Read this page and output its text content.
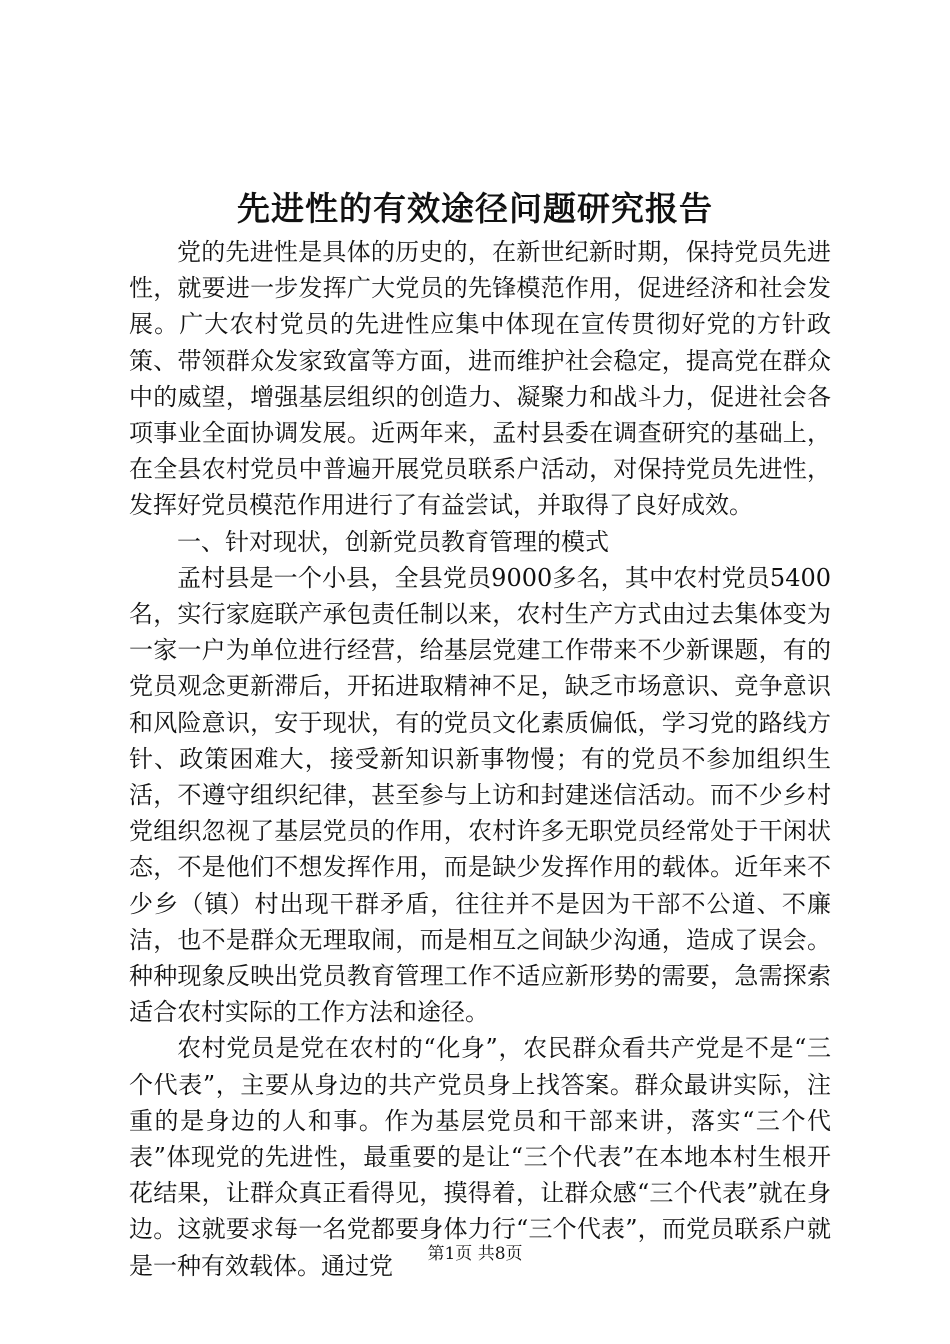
先进性的有效途径问题研究报告

党的先进性是具体的历史的，在新世纪新时期，保持党员先进性，就要进一步发挥广大党员的先锋模范作用，促进经济和社会发展。广大农村党员的先进性应集中体现在宣传贯彻好党的方针政策、带领群众发家致富等方面，进而维护社会稳定，提高党在群众中的威望，增强基层组织的创造力、凝聚力和战斗力，促进社会各项事业全面协调发展。近两年来，孟村县委在调查研究的基础上，在全县农村党员中普遍开展党员联系户活动，对保持党员先进性，发挥好党员模范作用进行了有益尝试，并取得了良好成效。

一、针对现状，创新党员教育管理的模式

孟村县是一个小县，全县党员9000多名，其中农村党员5400名，实行家庭联产承包责任制以来，农村生产方式由过去集体变为一家一户为单位进行经营，给基层党建工作带来不少新课题，有的党员观念更新滞后，开拓进取精神不足，缺乏市场意识、竞争意识和风险意识，安于现状，有的党员文化素质偏低，学习党的路线方针、政策困难大，接受新知识新事物慢；有的党员不参加组织生活，不遵守组织纪律，甚至参与上访和封建迷信活动。而不少乡村党组织忽视了基层党员的作用，农村许多无职党员经常处于干闲状态，不是他们不想发挥作用，而是缺少发挥作用的载体。近年来不少乡（镇）村出现干群矛盾，往往并不是因为干部不公道、不廉洁，也不是群众无理取闹，而是相互之间缺少沟通，造成了误会。种种现象反映出党员教育管理工作不适应新形势的需要，急需探索适合农村实际的工作方法和途径。

农村党员是党在农村的“化身”，农民群众看共产党是不是“三个代表”，主要从身边的共产党员身上找答案。群众最讲实际，注重的是身边的人和事。作为基层党员和干部来讲，落实“三个代表”体现党的先进性，最重要的是让“三个代表”在本地本村生根开花结果，让群众真正看得见，摸得着，让群众感“三个代表”就在身边。这就要求每一名党都要身体力行“三个代表”，而党员联系户就是一种有效载体。通过党	第1页 共8页
